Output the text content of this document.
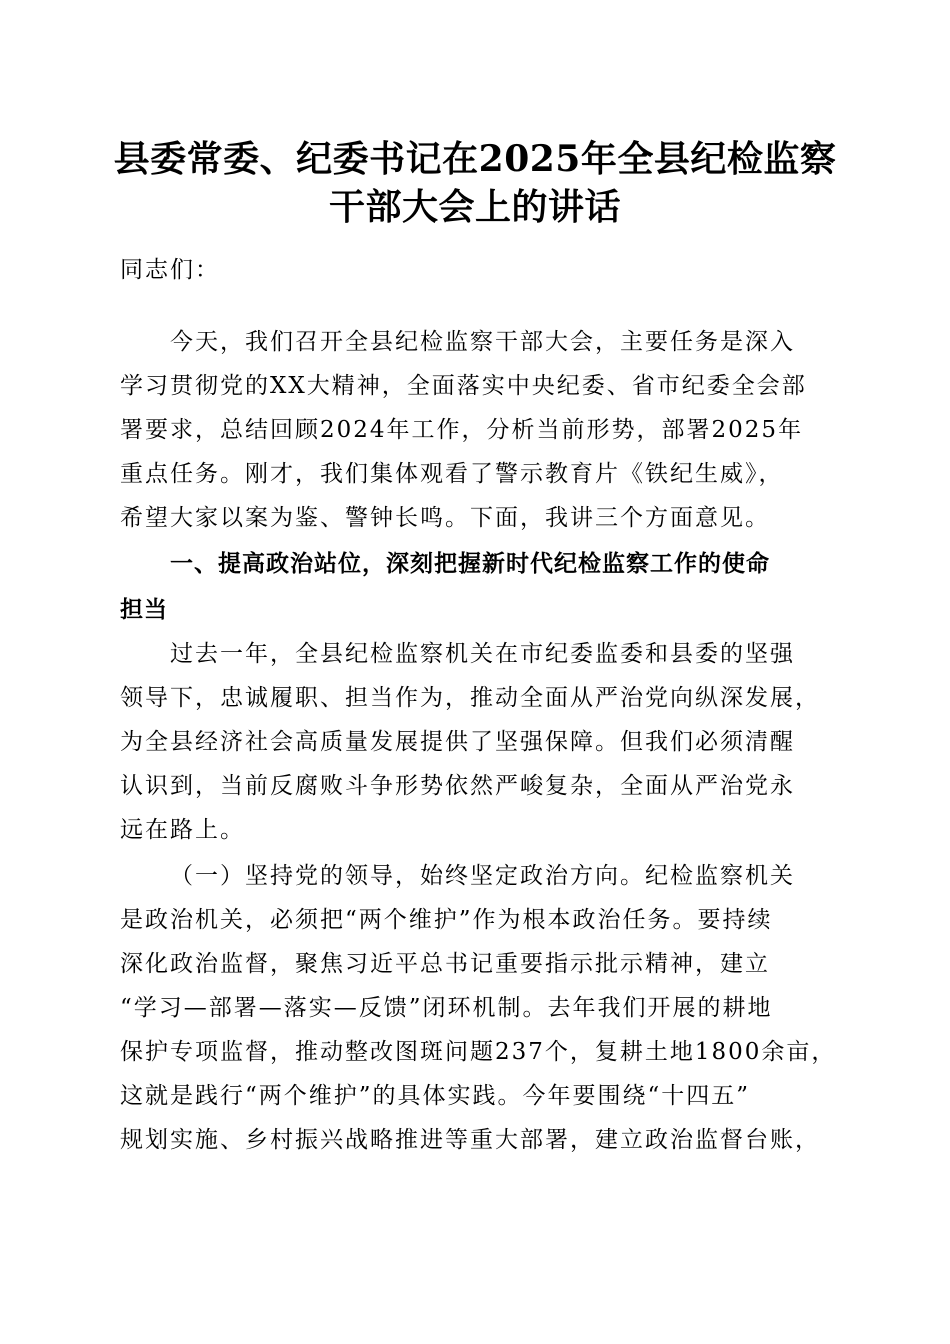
县委常委、纪委书记在2025年全县纪检监察
干部大会上的讲话
同志们：
今天，我们召开全县纪检监察干部大会，主要任务是深入
学习贯彻党的XX大精神，全面落实中央纪委、省市纪委全会部
署要求，总结回顾2024年工作，分析当前形势，部署2025年
重点任务。刚才，我们集体观看了警示教育片《铁纪生威》，
希望大家以案为鉴、警钟长鸣。下面，我讲三个方面意见。
一、提高政治站位，深刻把握新时代纪检监察工作的使命
担当
过去一年，全县纪检监察机关在市纪委监委和县委的坚强
领导下，忠诚履职、担当作为，推动全面从严治党向纵深发展，
为全县经济社会高质量发展提供了坚强保障。但我们必须清醒
认识到，当前反腐败斗争形势依然严峻复杂，全面从严治党永
远在路上。
（一）坚持党的领导，始终坚定政治方向。纪检监察机关
是政治机关，必须把“两个维护”作为根本政治任务。要持续
深化政治监督，聚焦习近平总书记重要指示批示精神，建立
“学习—部署—落实—反馈”闭环机制。去年我们开展的耕地
保护专项监督，推动整改图斑问题237个，复耕土地1800余亩，
这就是践行“两个维护”的具体实践。今年要围绕“十四五”
规划实施、乡村振兴战略推进等重大部署，建立政治监督台账，
